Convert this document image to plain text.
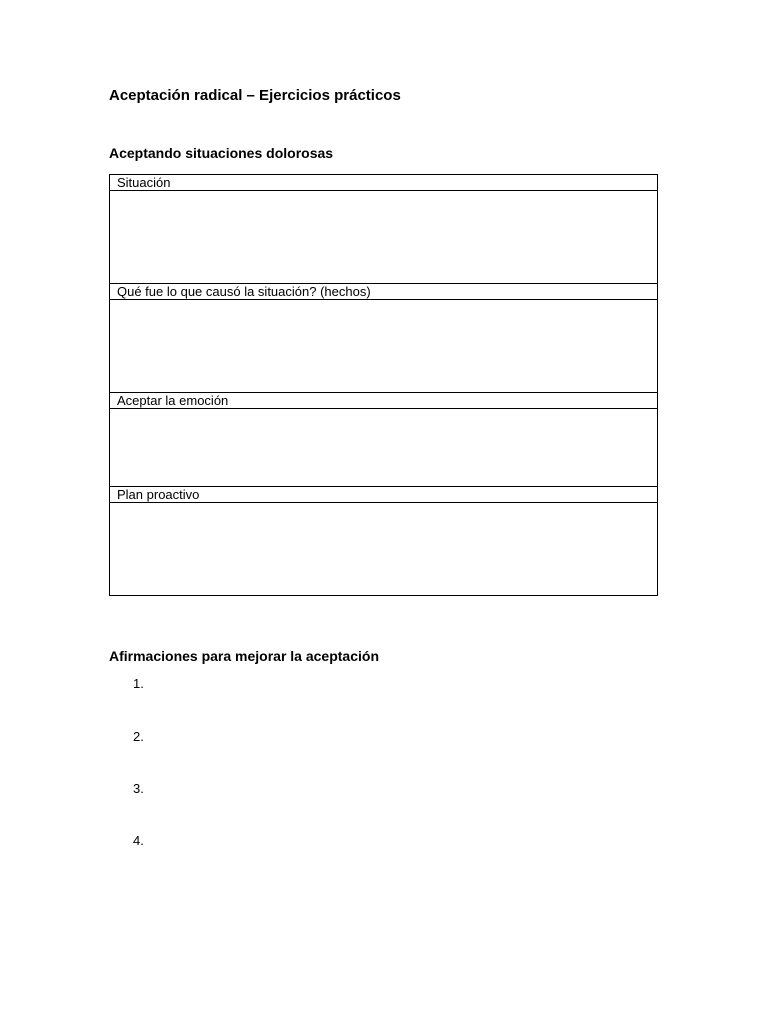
Aceptación radical – Ejercicios prácticos
Aceptando situaciones dolorosas
Situación

Qué fue lo que causó la situación? (hechos)

Aceptar la emoción

Plan proactivo

Afirmaciones para mejorar la aceptación
1.
2.
3.
4.
